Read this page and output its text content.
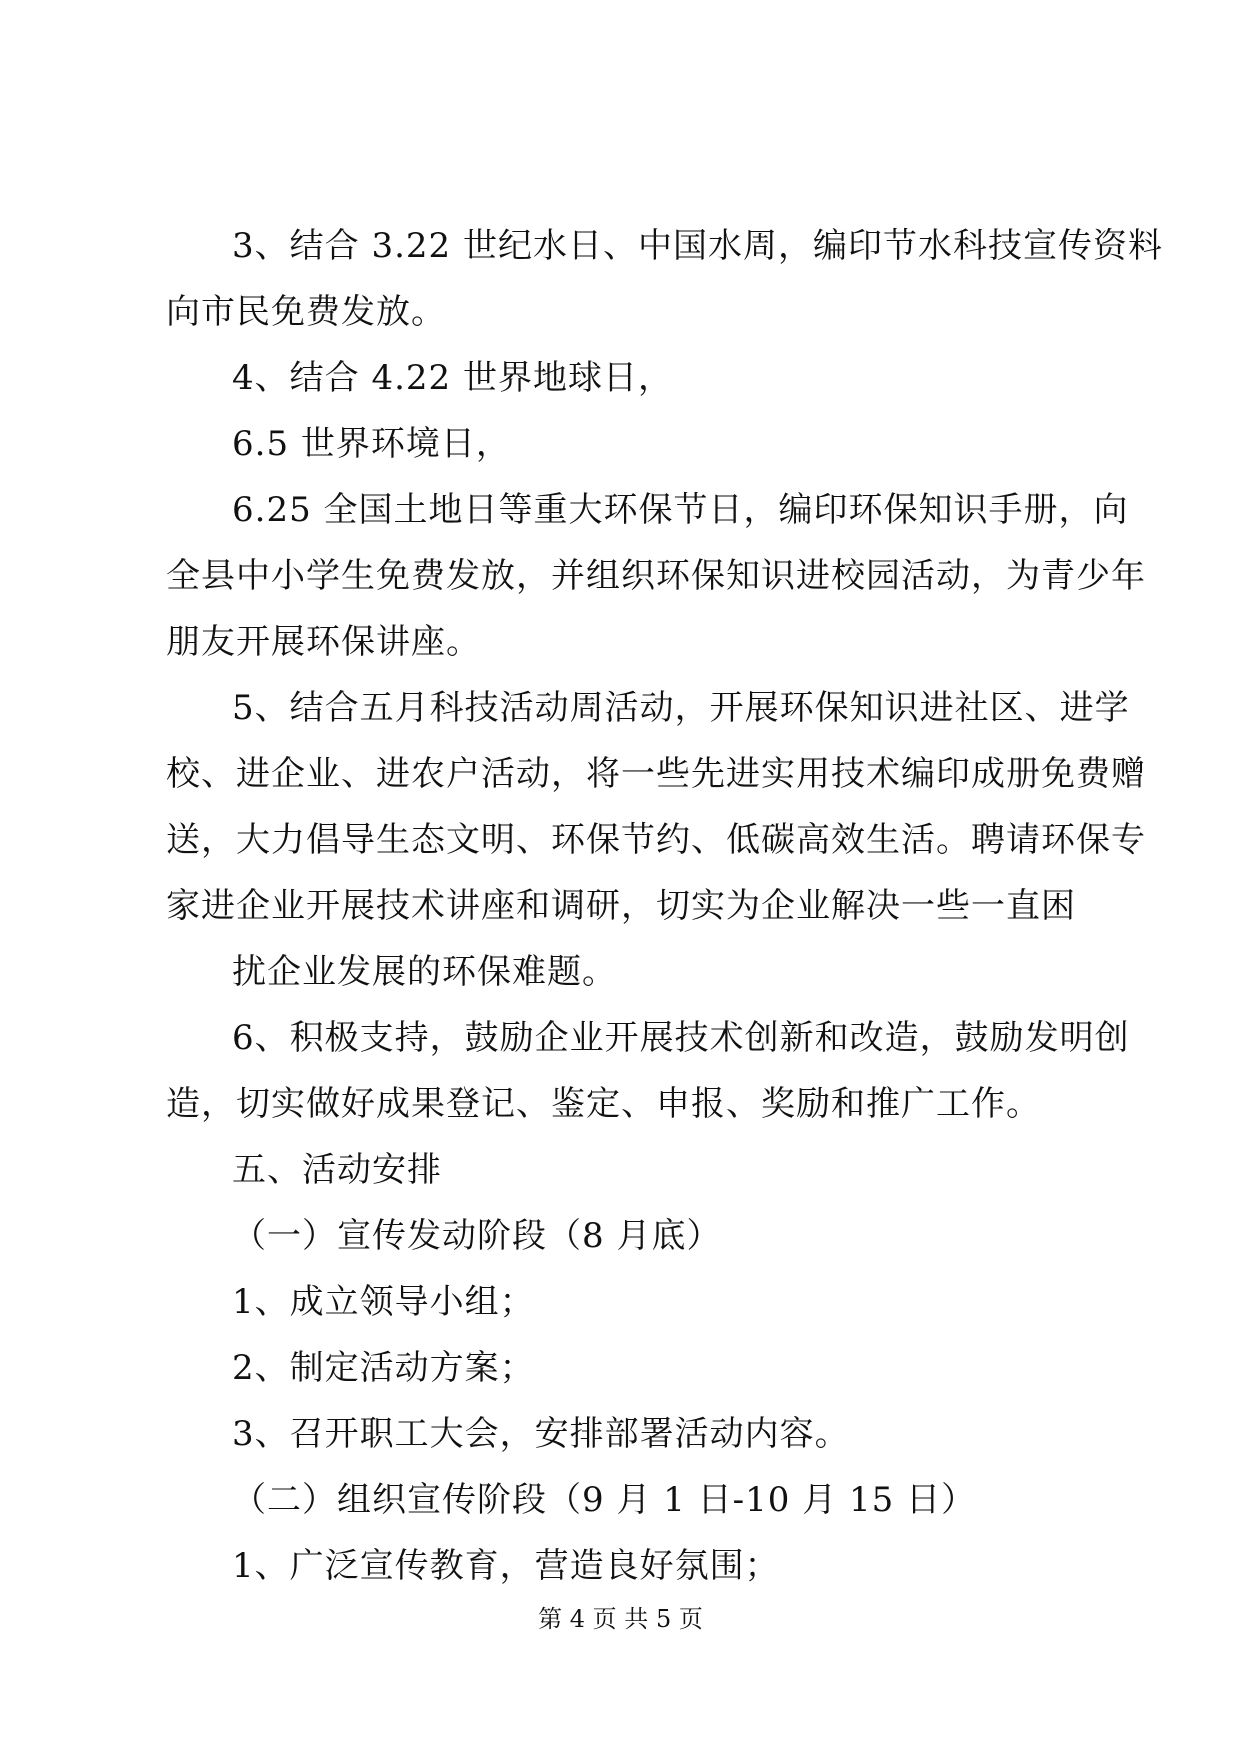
3、结合 3.22 世纪水日、中国水周，编印节水科技宣传资料
向市民免费发放。
4、结合 4.22 世界地球日，
6.5 世界环境日，
6.25 全国土地日等重大环保节日，编印环保知识手册，向
全县中小学生免费发放，并组织环保知识进校园活动，为青少年
朋友开展环保讲座。
5、结合五月科技活动周活动，开展环保知识进社区、进学
校、进企业、进农户活动，将一些先进实用技术编印成册免费赠
送，大力倡导生态文明、环保节约、低碳高效生活。聘请环保专
家进企业开展技术讲座和调研，切实为企业解决一些一直困
扰企业发展的环保难题。
6、积极支持，鼓励企业开展技术创新和改造，鼓励发明创
造，切实做好成果登记、鉴定、申报、奖励和推广工作。
五、活动安排
（一）宣传发动阶段（8 月底）
1、成立领导小组；
2、制定活动方案；
3、召开职工大会，安排部署活动内容。
（二）组织宣传阶段（9 月 1 日-10 月 15 日）
1、广泛宣传教育，营造良好氛围；
第 4 页 共 5 页
